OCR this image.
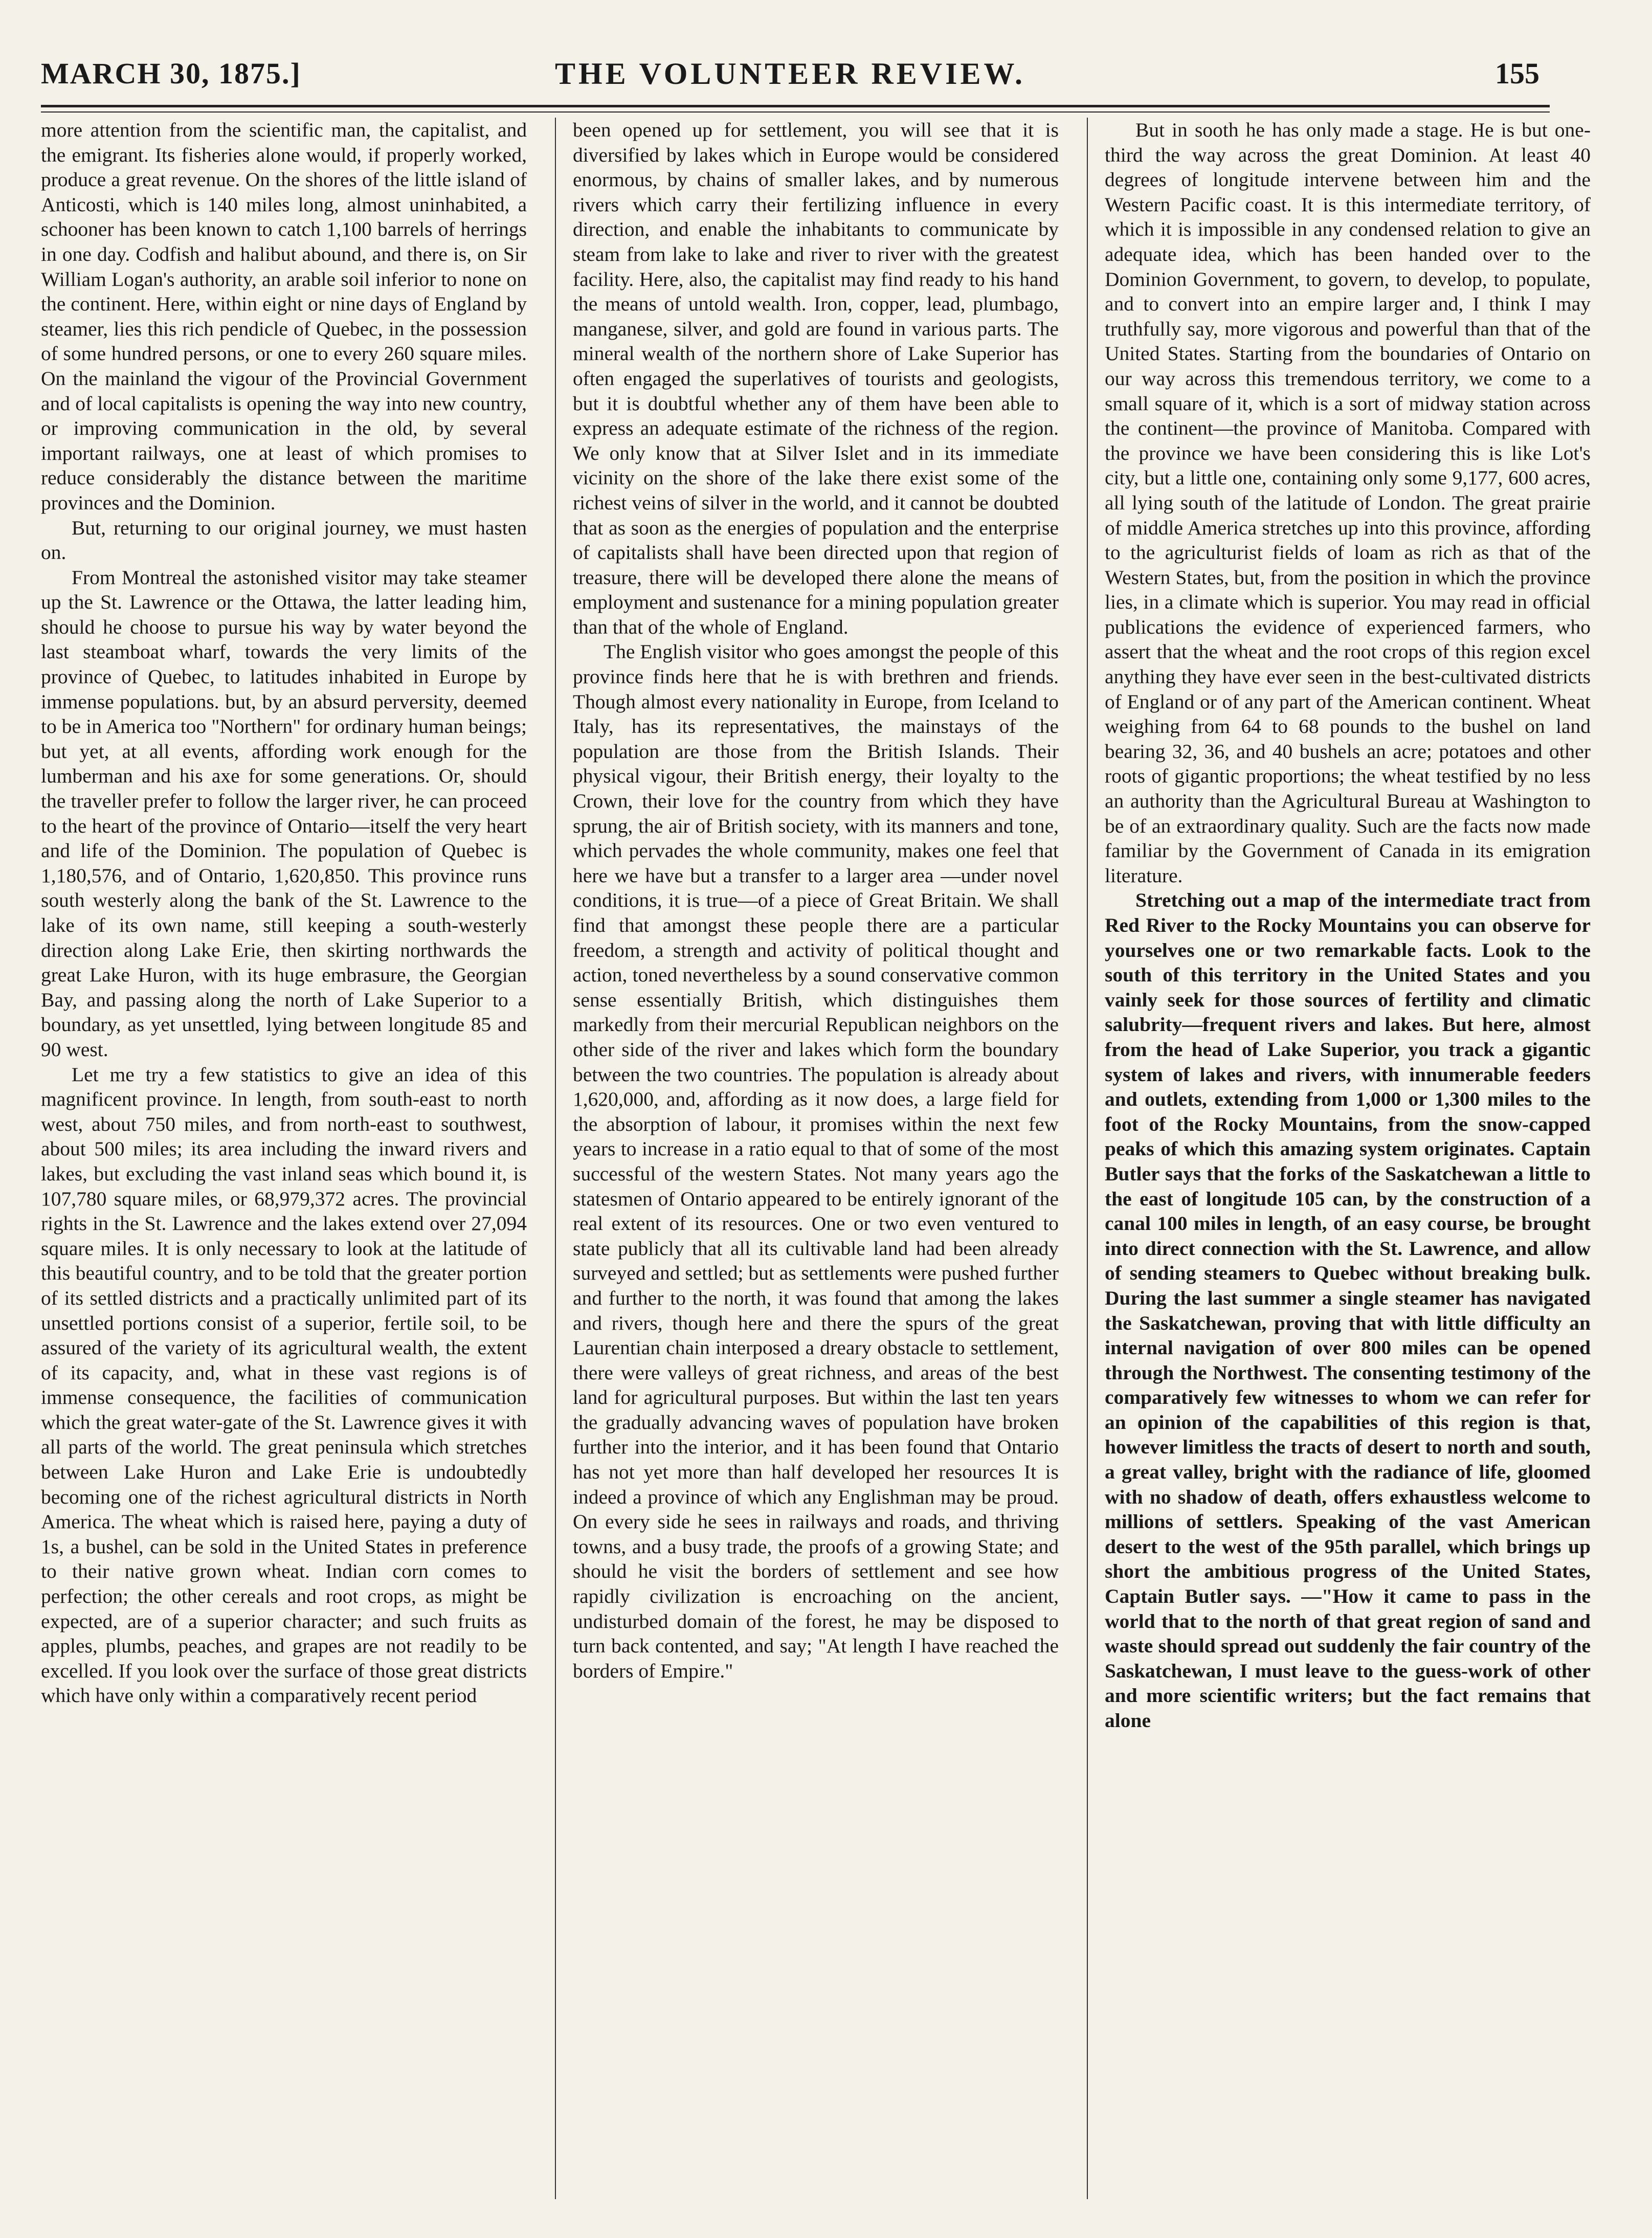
MARCH 30, 1875.]	THE VOLUNTEER REVIEW.	155

more attention from the scientific man, the capitalist, and the emigrant. Its fisheries alone would, if properly worked, produce a great revenue. On the shores of the little island of Anticosti, which is 140 miles long, almost uninhabited, a schooner has been known to catch 1,100 barrels of herrings in one day. Codfish and halibut abound, and there is, on Sir William Logan's authority, an arable soil inferior to none on the continent. Here, within eight or nine days of England by steamer, lies this rich pendicle of Quebec, in the possession of some hundred persons, or one to every 260 square miles. On the mainland the vigour of the Provincial Government and of local capitalists is opening the way into new country, or improving communication in the old, by several important railways, one at least of which promises to reduce considerably the distance between the maritime provinces and the Dominion.

But, returning to our original journey, we must hasten on.

From Montreal the astonished visitor may take steamer up the St. Lawrence or the Ottawa, the latter leading him, should he choose to pursue his way by water beyond the last steamboat wharf, towards the very limits of the province of Quebec, to latitudes inhabited in Europe by immense populations. but, by an absurd perversity, deemed to be in America too "Northern" for ordinary human beings; but yet, at all events, affording work enough for the lumberman and his axe for some generations. Or, should the traveller prefer to follow the larger river, he can proceed to the heart of the province of Ontario—itself the very heart and life of the Dominion. The population of Quebec is 1,180,576, and of Ontario, 1,620,850. This province runs south westerly along the bank of the St. Lawrence to the lake of its own name, still keeping a south-westerly direction along Lake Erie, then skirting northwards the great Lake Huron, with its huge embrasure, the Georgian Bay, and passing along the north of Lake Superior to a boundary, as yet unsettled, lying between longitude 85 and 90 west.

Let me try a few statistics to give an idea of this magnificent province. In length, from south-east to north west, about 750 miles, and from north-east to southwest, about 500 miles; its area including the inward rivers and lakes, but excluding the vast inland seas which bound it, is 107,780 square miles, or 68,979,372 acres. The provincial rights in the St. Lawrence and the lakes extend over 27,094 square miles. It is only necessary to look at the latitude of this beautiful country, and to be told that the greater portion of its settled districts and a practically unlimited part of its unsettled portions consist of a superior, fertile soil, to be assured of the variety of its agricultural wealth, the extent of its capacity, and, what in these vast regions is of immense consequence, the facilities of communication which the great water-gate of the St. Lawrence gives it with all parts of the world. The great peninsula which stretches between Lake Huron and Lake Erie is undoubtedly becoming one of the richest agricultural districts in North America. The wheat which is raised here, paying a duty of 1s, a bushel, can be sold in the United States in preference to their native grown wheat. Indian corn comes to perfection; the other cereals and root crops, as might be expected, are of a superior character; and such fruits as apples, plumbs, peaches, and grapes are not readily to be excelled. If you look over the surface of those great districts which have only within a comparatively recent period

been opened up for settlement, you will see that it is diversified by lakes which in Europe would be considered enormous, by chains of smaller lakes, and by numerous rivers which carry their fertilizing influence in every direction, and enable the inhabitants to communicate by steam from lake to lake and river to river with the greatest facility. Here, also, the capitalist may find ready to his hand the means of untold wealth. Iron, copper, lead, plumbago, manganese, silver, and gold are found in various parts. The mineral wealth of the northern shore of Lake Superior has often engaged the superlatives of tourists and geologists, but it is doubtful whether any of them have been able to express an adequate estimate of the richness of the region. We only know that at Silver Islet and in its immediate vicinity on the shore of the lake there exist some of the richest veins of silver in the world, and it cannot be doubted that as soon as the energies of population and the enterprise of capitalists shall have been directed upon that region of treasure, there will be developed there alone the means of employment and sustenance for a mining population greater than that of the whole of England.

The English visitor who goes amongst the people of this province finds here that he is with brethren and friends. Though almost every nationality in Europe, from Iceland to Italy, has its representatives, the mainstays of the population are those from the British Islands. Their physical vigour, their British energy, their loyalty to the Crown, their love for the country from which they have sprung, the air of British society, with its manners and tone, which pervades the whole community, makes one feel that here we have but a transfer to a larger area —under novel conditions, it is true—of a piece of Great Britain. We shall find that amongst these people there are a particular freedom, a strength and activity of political thought and action, toned nevertheless by a sound conservative common sense essentially British, which distinguishes them markedly from their mercurial Republican neighbors on the other side of the river and lakes which form the boundary between the two countries. The population is already about 1,620,000, and, affording as it now does, a large field for the absorption of labour, it promises within the next few years to increase in a ratio equal to that of some of the most successful of the western States. Not many years ago the statesmen of Ontario appeared to be entirely ignorant of the real extent of its resources. One or two even ventured to state publicly that all its cultivable land had been already surveyed and settled; but as settlements were pushed further and further to the north, it was found that among the lakes and rivers, though here and there the spurs of the great Laurentian chain interposed a dreary obstacle to settlement, there were valleys of great richness, and areas of the best land for agricultural purposes. But within the last ten years the gradually advancing waves of population have broken further into the interior, and it has been found that Ontario has not yet more than half developed her resources It is indeed a province of which any Englishman may be proud. On every side he sees in railways and roads, and thriving towns, and a busy trade, the proofs of a growing State; and should he visit the borders of settlement and see how rapidly civilization is encroaching on the ancient, undisturbed domain of the forest, he may be disposed to turn back contented, and say; "At length I have reached the borders of Empire."

But in sooth he has only made a stage. He is but one-third the way across the great Dominion. At least 40 degrees of longitude intervene between him and the Western Pacific coast. It is this intermediate territory, of which it is impossible in any condensed relation to give an adequate idea, which has been handed over to the Dominion Government, to govern, to develop, to populate, and to convert into an empire larger and, I think I may truthfully say, more vigorous and powerful than that of the United States. Starting from the boundaries of Ontario on our way across this tremendous territory, we come to a small square of it, which is a sort of midway station across the continent—the province of Manitoba. Compared with the province we have been considering this is like Lot's city, but a little one, containing only some 9,177, 600 acres, all lying south of the latitude of London. The great prairie of middle America stretches up into this province, affording to the agriculturist fields of loam as rich as that of the Western States, but, from the position in which the province lies, in a climate which is superior. You may read in official publications the evidence of experienced farmers, who assert that the wheat and the root crops of this region excel anything they have ever seen in the best-cultivated districts of England or of any part of the American continent. Wheat weighing from 64 to 68 pounds to the bushel on land bearing 32, 36, and 40 bushels an acre; potatoes and other roots of gigantic proportions; the wheat testified by no less an authority than the Agricultural Bureau at Washington to be of an extraordinary quality. Such are the facts now made familiar by the Government of Canada in its emigration literature.

Stretching out a map of the intermediate tract from Red River to the Rocky Mountains you can observe for yourselves one or two remarkable facts. Look to the south of this territory in the United States and you vainly seek for those sources of fertility and climatic salubrity—frequent rivers and lakes. But here, almost from the head of Lake Superior, you track a gigantic system of lakes and rivers, with innumerable feeders and outlets, extending from 1,000 or 1,300 miles to the foot of the Rocky Mountains, from the snow-capped peaks of which this amazing system originates. Captain Butler says that the forks of the Saskatchewan a little to the east of longitude 105 can, by the construction of a canal 100 miles in length, of an easy course, be brought into direct connection with the St. Lawrence, and allow of sending steamers to Quebec without breaking bulk. During the last summer a single steamer has navigated the Saskatchewan, proving that with little difficulty an internal navigation of over 800 miles can be opened through the Northwest. The consenting testimony of the comparatively few witnesses to whom we can refer for an opinion of the capabilities of this region is that, however limitless the tracts of desert to north and south, a great valley, bright with the radiance of life, gloomed with no shadow of death, offers exhaustless welcome to millions of settlers. Speaking of the vast American desert to the west of the 95th parallel, which brings up short the ambitious progress of the United States, Captain Butler says. —"How it came to pass in the world that to the north of that great region of sand and waste should spread out suddenly the fair country of the Saskatchewan, I must leave to the guess-work of other and more scientific writers; but the fact remains that alone
